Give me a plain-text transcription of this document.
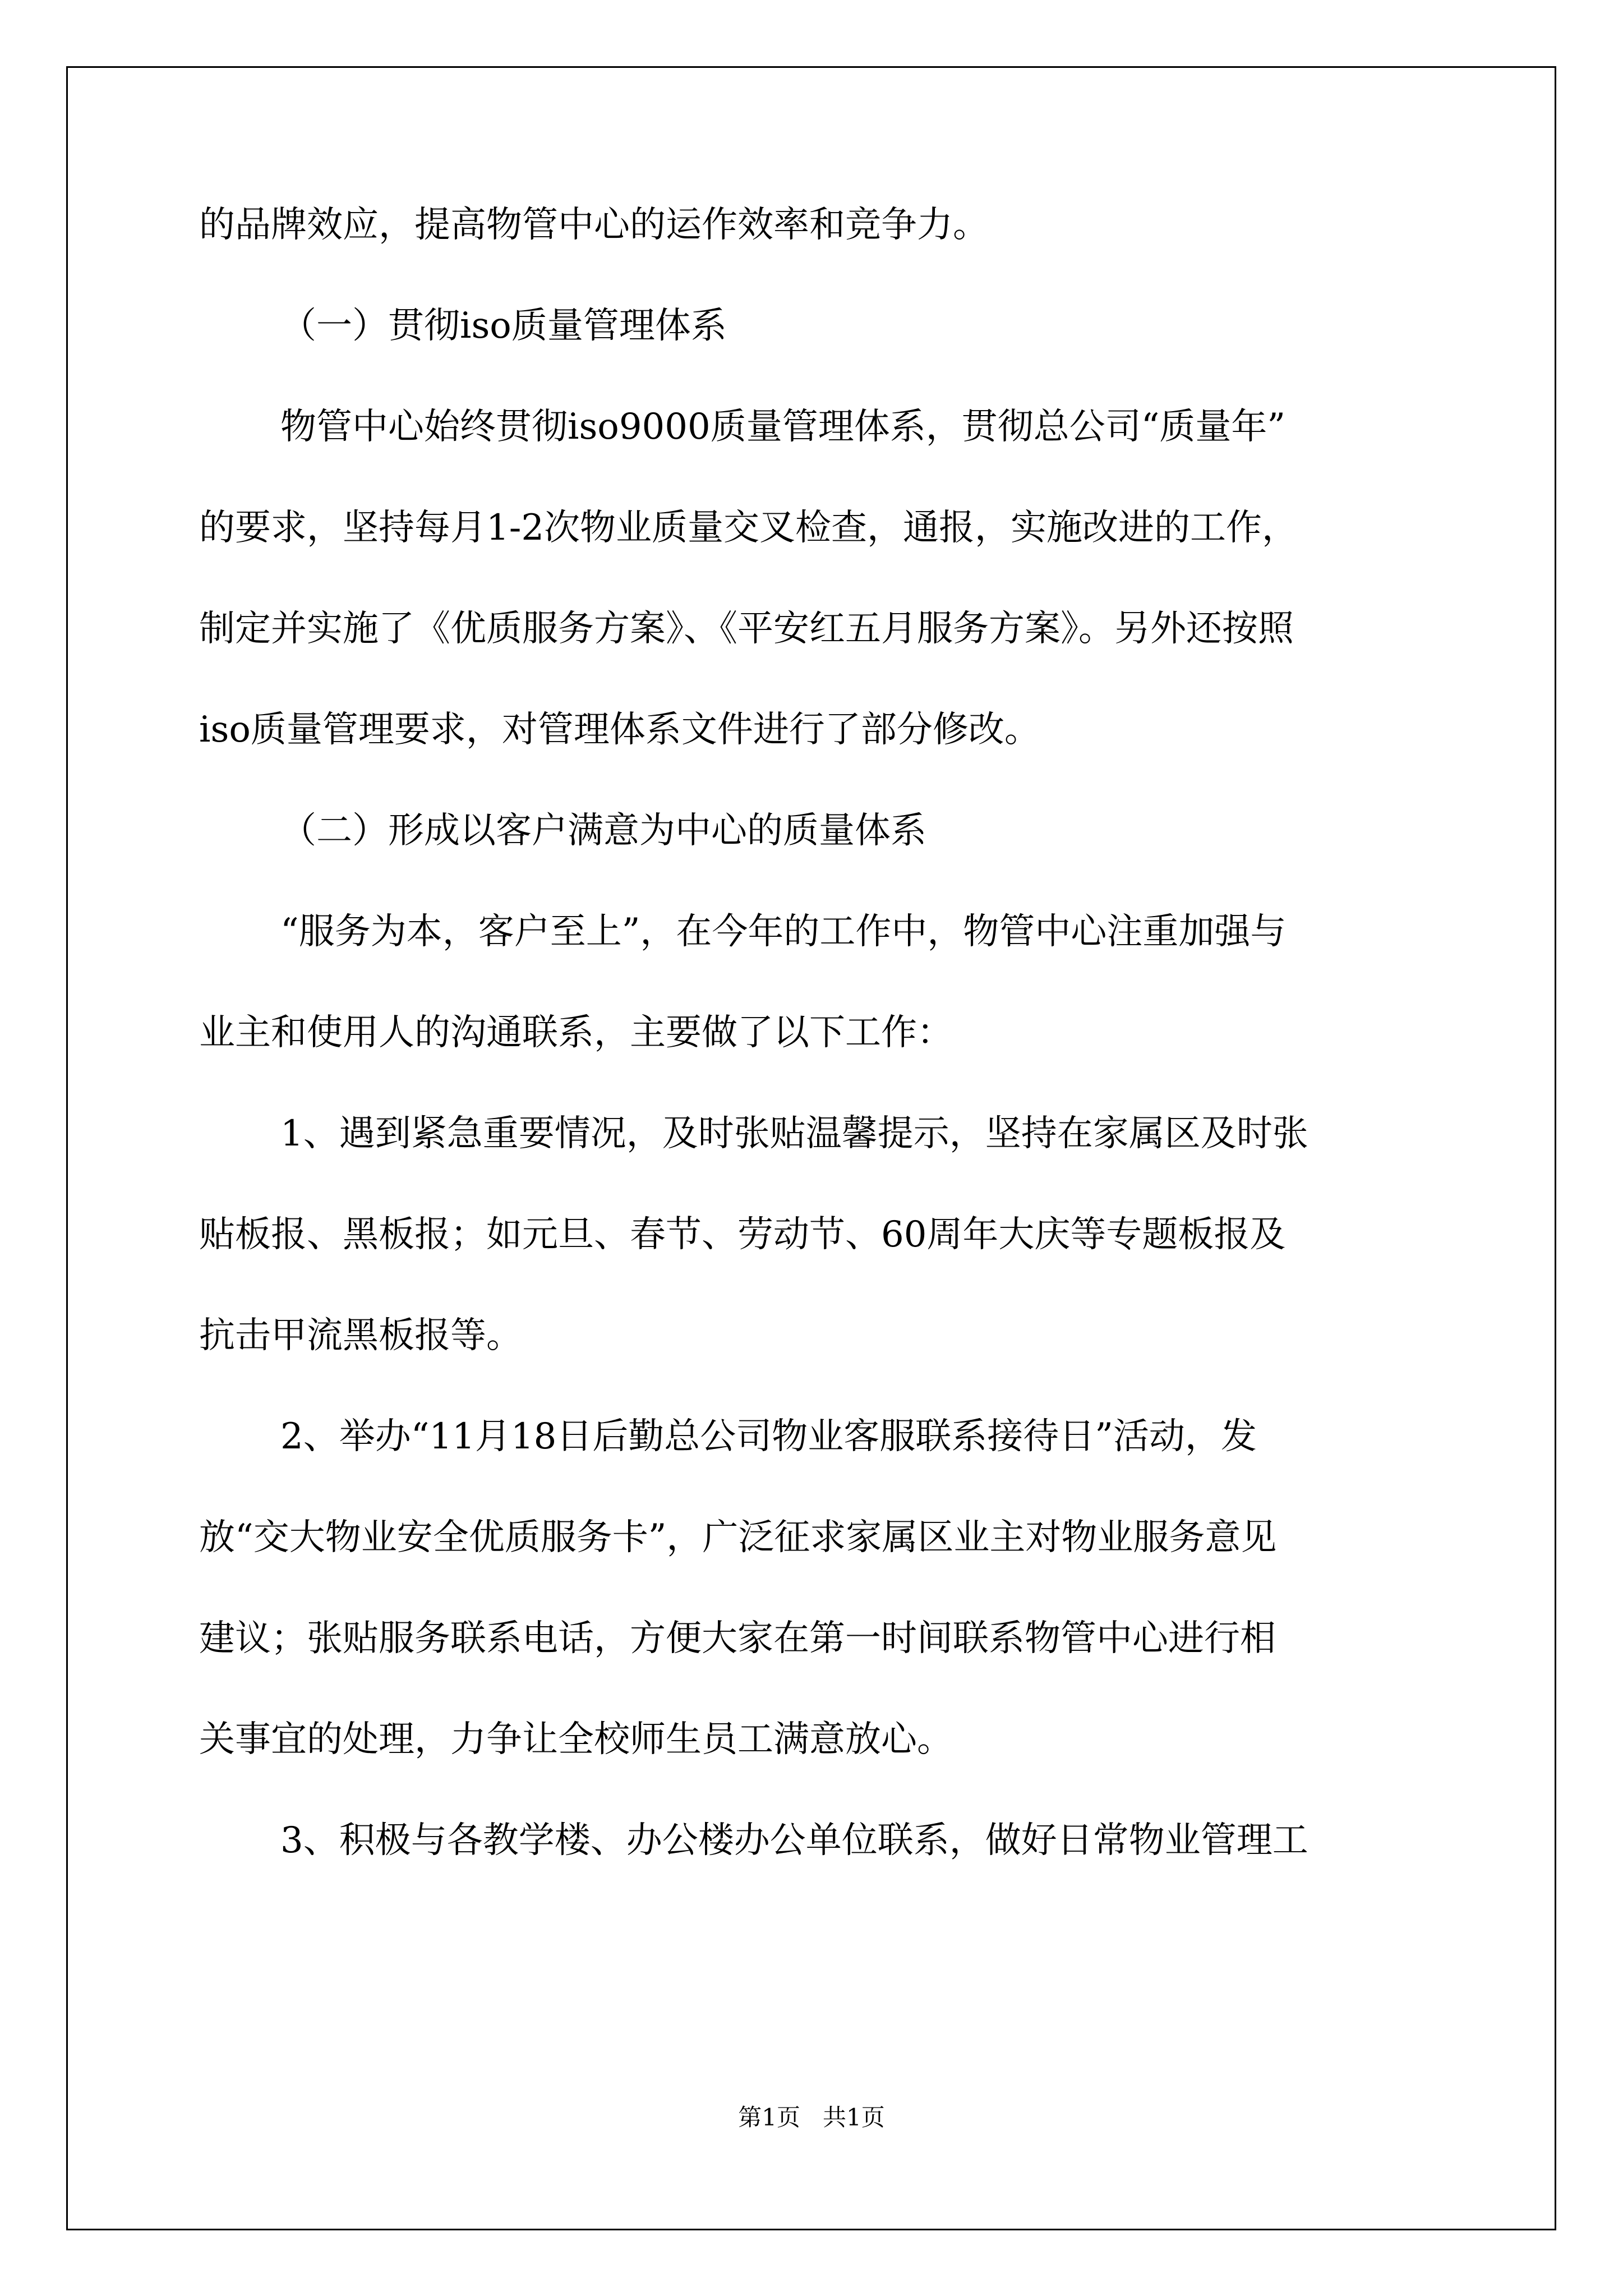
的品牌效应，提高物管中心的运作效率和竞争力。
（一）贯彻iso质量管理体系
物管中心始终贯彻iso9000质量管理体系，贯彻总公司“质量年”
的要求，坚持每月1-2次物业质量交叉检查，通报，实施改进的工作，
制定并实施了《优质服务方案》、《平安红五月服务方案》。另外还按照
iso质量管理要求，对管理体系文件进行了部分修改。
（二）形成以客户满意为中心的质量体系
“服务为本，客户至上”，在今年的工作中，物管中心注重加强与
业主和使用人的沟通联系，主要做了以下工作：
1、遇到紧急重要情况，及时张贴温馨提示，坚持在家属区及时张
贴板报、黑板报；如元旦、春节、劳动节、60周年大庆等专题板报及
抗击甲流黑板报等。
2、举办“11月18日后勤总公司物业客服联系接待日”活动，发
放“交大物业安全优质服务卡”，广泛征求家属区业主对物业服务意见
建议；张贴服务联系电话，方便大家在第一时间联系物管中心进行相
关事宜的处理，力争让全校师生员工满意放心。
3、积极与各教学楼、办公楼办公单位联系，做好日常物业管理工
第1页   共1页
